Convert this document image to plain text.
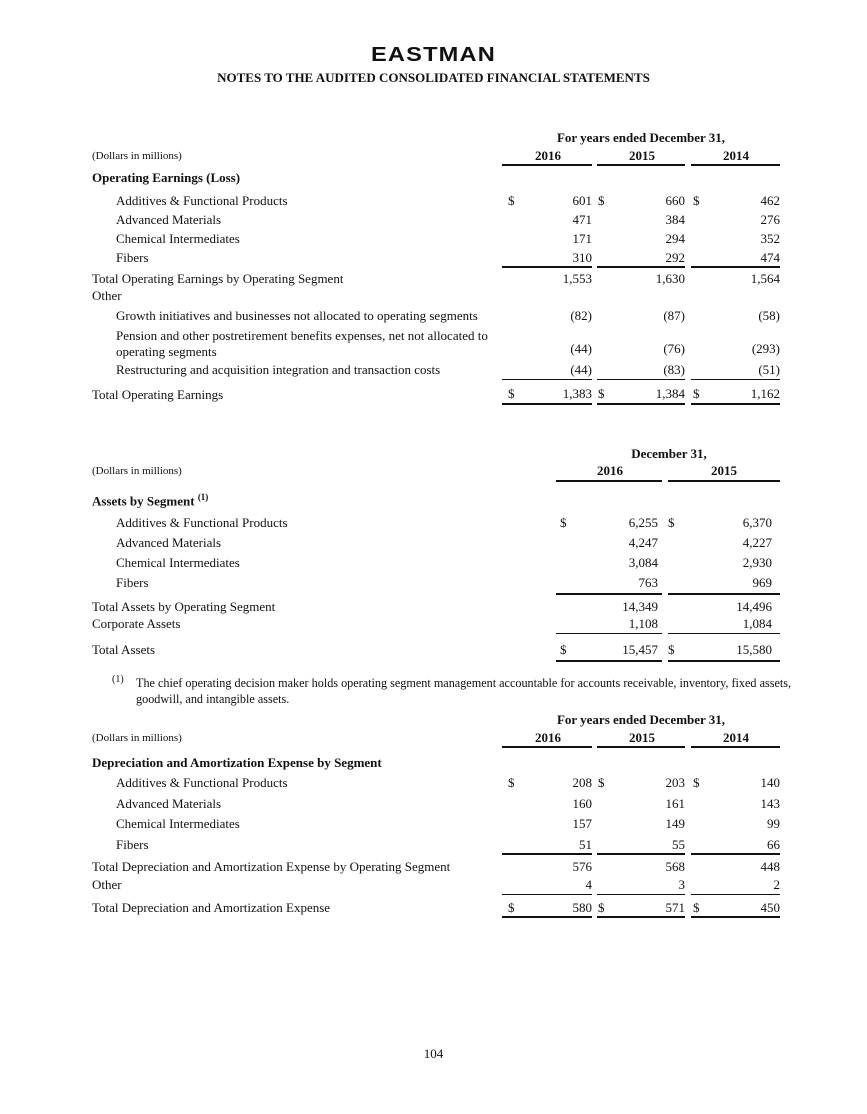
EASTMAN
NOTES TO THE AUDITED CONSOLIDATED FINANCIAL STATEMENTS
For years ended December 31,
(Dollars in millions)	2016	2015	2014
Operating Earnings (Loss)
Additives & Functional Products	$	601 $	660 $	462
Advanced Materials	471	384	276
Chemical Intermediates	171	294	352
Fibers	310	292	474
Total Operating Earnings by Operating Segment	1,553	1,630	1,564
Other
Growth initiatives and businesses not allocated to operating segments	(82)	(87)	(58)
Pension and other postretirement benefits expenses, net not allocated to
operating segments	(44)	(76)	(293)
Restructuring and acquisition integration and transaction costs	(44)	(83)	(51)
Total Operating Earnings	$	1,383 $	1,384 $	1,162
December 31,
(Dollars in millions)	2016	2015
Assets by Segment $^{(1)}$
Additives & Functional Products	$	6,255 $	6,370
Advanced Materials	4,247	4,227
Chemical Intermediates	3,084	2,930
Fibers	763	969
Total Assets by Operating Segment	14,349	14,496
Corporate Assets	1,108	1,084
Total Assets	$	15,457 $	15,580
(1) The chief operating decision maker holds operating segment management accountable for accounts receivable, inventory, fixed assets,
goodwill, and intangible assets.
For years ended December 31,
(Dollars in millions)	2016	2015	2014
Depreciation and Amortization Expense by Segment
Additives & Functional Products	$	208 $	203 $	140
Advanced Materials	160	161	143
Chemical Intermediates	157	149	99
Fibers	51	55	66
Total Depreciation and Amortization Expense by Operating Segment	576	568	448
Other	4	3	2
Total Depreciation and Amortization Expense	$	580 $	571 $	450
104
